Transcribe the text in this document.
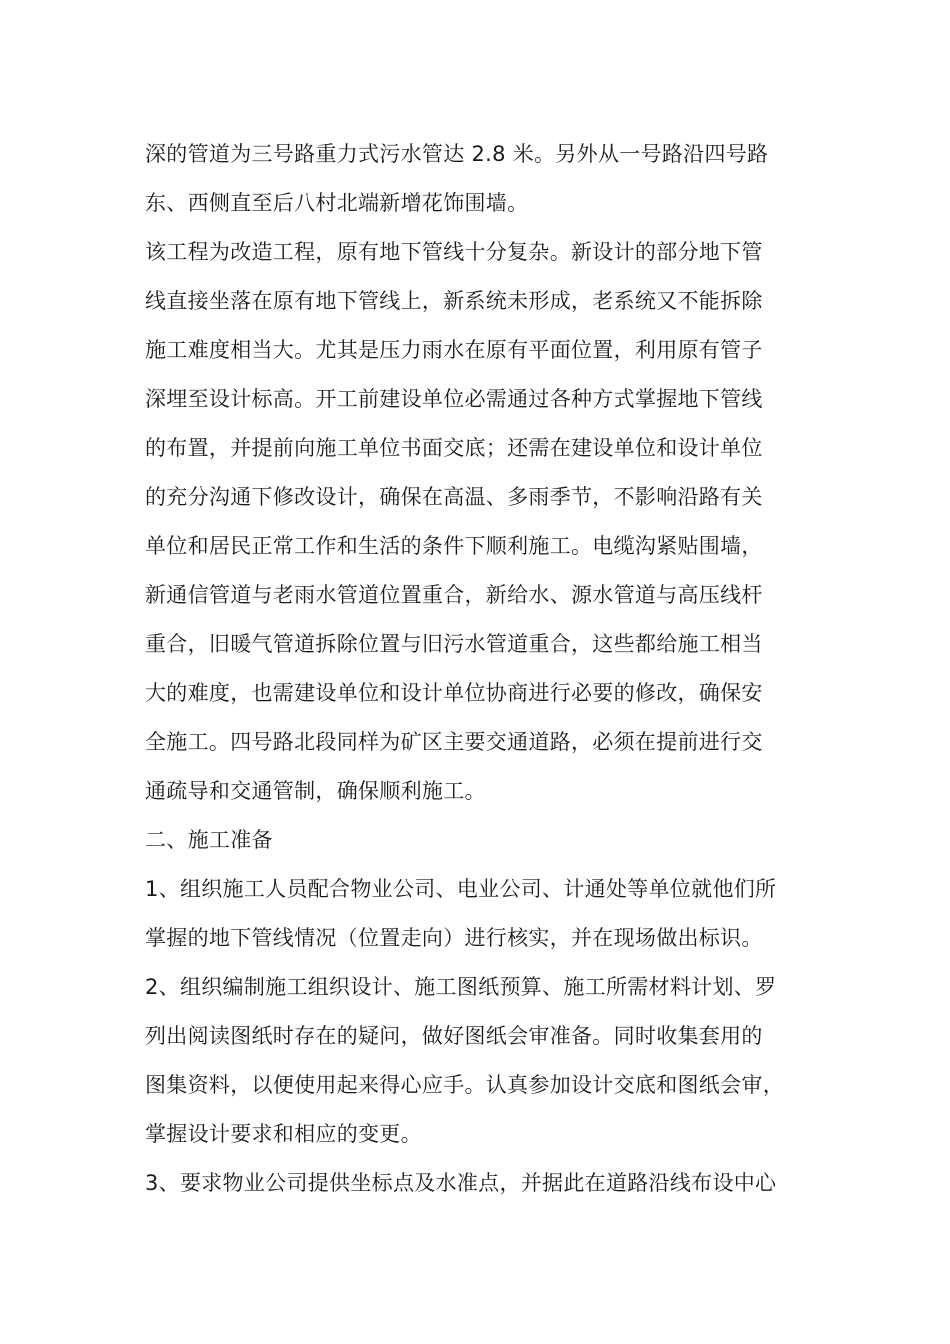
深的管道为三号路重力式污水管达 2.8 米。另外从一号路沿四号路
东、西侧直至后八村北端新增花饰围墙。
该工程为改造工程，原有地下管线十分复杂。新设计的部分地下管
线直接坐落在原有地下管线上，新系统未形成，老系统又不能拆除
施工难度相当大。尤其是压力雨水在原有平面位置，利用原有管子
深埋至设计标高。开工前建设单位必需通过各种方式掌握地下管线
的布置，并提前向施工单位书面交底；还需在建设单位和设计单位
的充分沟通下修改设计，确保在高温、多雨季节，不影响沿路有关
单位和居民正常工作和生活的条件下顺利施工。电缆沟紧贴围墙，
新通信管道与老雨水管道位置重合，新给水、源水管道与高压线杆
重合，旧暖气管道拆除位置与旧污水管道重合，这些都给施工相当
大的难度，也需建设单位和设计单位协商进行必要的修改，确保安
全施工。四号路北段同样为矿区主要交通道路，必须在提前进行交
通疏导和交通管制，确保顺利施工。
二、施工准备
1、组织施工人员配合物业公司、电业公司、计通处等单位就他们所
掌握的地下管线情况（位置走向）进行核实，并在现场做出标识。
2、组织编制施工组织设计、施工图纸预算、施工所需材料计划、罗
列出阅读图纸时存在的疑问，做好图纸会审准备。同时收集套用的
图集资料，以便使用起来得心应手。认真参加设计交底和图纸会审，
掌握设计要求和相应的变更。
3、要求物业公司提供坐标点及水准点，并据此在道路沿线布设中心
